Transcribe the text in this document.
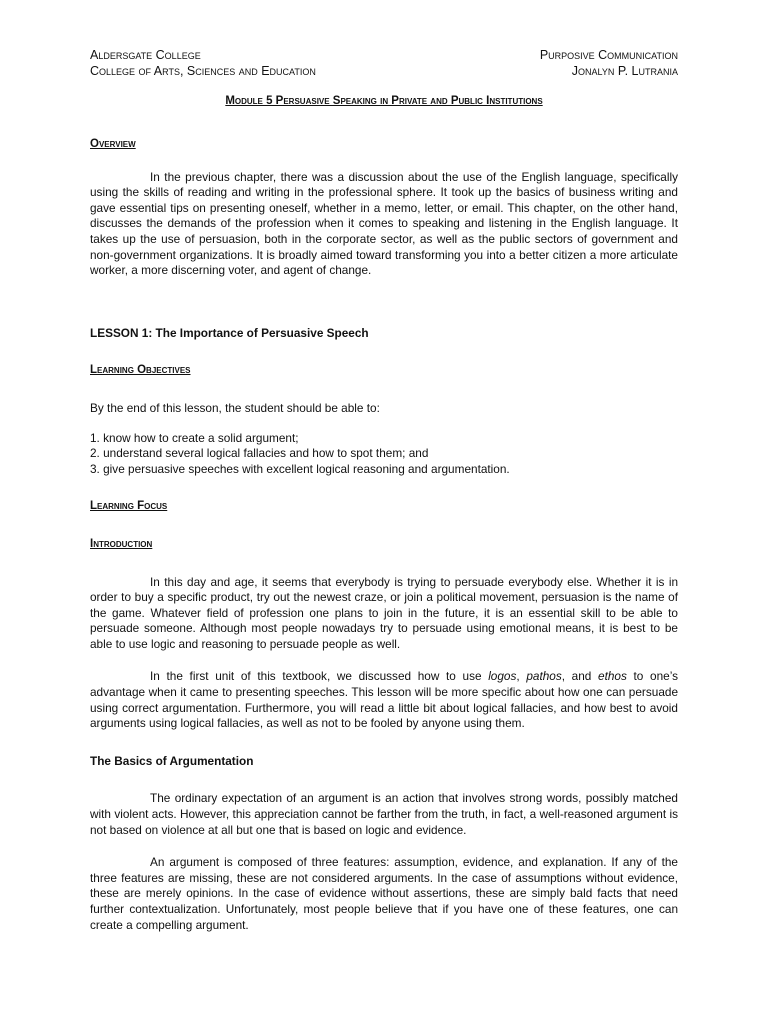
Aldersgate College
College of Arts, Sciences and Education
Purposive Communication
Jonalyn P. Lutrania
Module 5 Persuasive Speaking in Private and Public Institutions
Overview

In the previous chapter, there was a discussion about the use of the English language, specifically using the skills of reading and writing in the professional sphere. It took up the basics of business writing and gave essential tips on presenting oneself, whether in a memo, letter, or email. This chapter, on the other hand, discusses the demands of the profession when it comes to speaking and listening in the English language. It takes up the use of persuasion, both in the corporate sector, as well as the public sectors of government and non-government organizations. It is broadly aimed toward transforming you into a better citizen a more articulate worker, a more discerning voter, and agent of change.

LESSON 1: The Importance of Persuasive Speech
Learning Objectives

By the end of this lesson, the student should be able to:

1. know how to create a solid argument;
2. understand several logical fallacies and how to spot them; and
3. give persuasive speeches with excellent logical reasoning and argumentation.
Learning Focus
Introduction

In this day and age, it seems that everybody is trying to persuade everybody else. Whether it is in order to buy a specific product, try out the newest craze, or join a political movement, persuasion is the name of the game. Whatever field of profession one plans to join in the future, it is an essential skill to be able to persuade someone. Although most people nowadays try to persuade using emotional means, it is best to be able to use logic and reasoning to persuade people as well.

In the first unit of this textbook, we discussed how to use logos, pathos, and ethos to one’s advantage when it came to presenting speeches. This lesson will be more specific about how one can persuade using correct argumentation. Furthermore, you will read a little bit about logical fallacies, and how best to avoid arguments using logical fallacies, as well as not to be fooled by anyone using them.

The Basics of Argumentation

The ordinary expectation of an argument is an action that involves strong words, possibly matched with violent acts. However, this appreciation cannot be farther from the truth, in fact, a well-reasoned argument is not based on violence at all but one that is based on logic and evidence.

An argument is composed of three features: assumption, evidence, and explanation. If any of the three features are missing, these are not considered arguments. In the case of assumptions without evidence, these are merely opinions. In the case of evidence without assertions, these are simply bald facts that need further contextualization. Unfortunately, most people believe that if you have one of these features, one can create a compelling argument.
